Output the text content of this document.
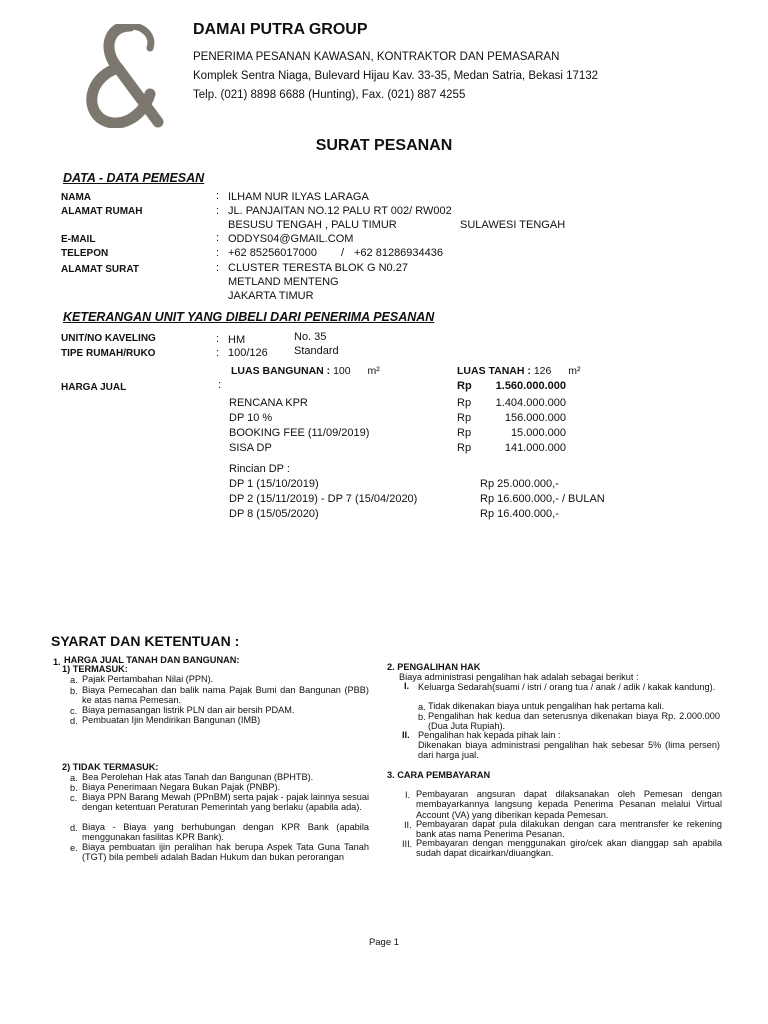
DAMAI PUTRA GROUP
PENERIMA PESANAN KAWASAN, KONTRAKTOR DAN PEMASARAN
Komplek Sentra Niaga, Bulevard Hijau Kav. 33-35, Medan Satria, Bekasi 17132
Telp. (021) 8898 6688 (Hunting), Fax. (021) 887 4255
SURAT PESANAN
DATA - DATA PEMESAN
NAMA	: ILHAM NUR ILYAS LARAGA
ALAMAT RUMAH	: JL. PANJAITAN NO.12 PALU RT 002/ RW002
BESUSU TENGAH , PALU TIMUR	SULAWESI TENGAH
E-MAIL	: ODDYS04@GMAIL.COM
TELEPON	: +62 85256017000 / +62 81286934436
ALAMAT SURAT	: CLUSTER TERESTA BLOK G N0.27
METLAND MENTENG
JAKARTA TIMUR
KETERANGAN UNIT YANG DIBELI DARI PENERIMA PESANAN
UNIT/NO KAVELING	: HM	No. 35
TIPE RUMAH/RUKO	: 100/126 Standard
LUAS BANGUNAN : 100 m²	LUAS TANAH : 126 m²
HARGA JUAL	:	Rp	1.560.000.000
RENCANA KPR	Rp	1.404.000.000
DP 10 %	Rp	156.000.000
BOOKING FEE (11/09/2019)	Rp	15.000.000
SISA DP	Rp	141.000.000
Rincian DP :
DP 1 (15/10/2019)	Rp 25.000.000,-
DP 2 (15/11/2019) - DP 7 (15/04/2020)	Rp 16.600.000,- / BULAN
DP 8 (15/05/2020)	Rp 16.400.000,-
SYARAT DAN KETENTUAN :
1. HARGA JUAL TANAH DAN BANGUNAN:
1) TERMASUK:
a. Pajak Pertambahan Nilai (PPN).
b. Biaya Pemecahan dan balik nama Pajak Bumi dan Bangunan (PBB) ke atas nama Pemesan.
c. Biaya pemasangan listrik PLN dan air bersih PDAM.
d. Pembuatan Ijin Mendirikan Bangunan (IMB)
2) TIDAK TERMASUK:
a. Bea Perolehan Hak atas Tanah dan Bangunan (BPHTB).
b. Biaya Penerimaan Negara Bukan Pajak (PNBP).
c. Biaya PPN Barang Mewah (PPnBM) serta pajak - pajak lainnya sesuai dengan ketentuan Peraturan Pemerintah yang berlaku (apabila ada).
d. Biaya - Biaya yang berhubungan dengan KPR Bank (apabila menggunakan fasilitas KPR Bank).
e. Biaya pembuatan ijin peralihan hak berupa Aspek Tata Guna Tanah (TGT) bila pembeli adalah Badan Hukum dan bukan perorangan
2. PENGALIHAN HAK
Biaya administrasi pengalihan hak adalah sebagai berikut :
I. Keluarga Sedarah(suami / istri / orang tua / anak / adik / kakak kandung).
a. Tidak dikenakan biaya untuk pengalihan hak pertama kali.
b. Pengalihan hak kedua dan seterusnya dikenakan biaya Rp. 2.000.000 (Dua Juta Rupiah).
II. Pengalihan hak kepada pihak lain :
Dikenakan biaya administrasi pengalihan hak sebesar 5% (lima persen) dari harga jual.
3. CARA PEMBAYARAN
I. Pembayaran angsuran dapat dilaksanakan oleh Pemesan dengan membayarkannya langsung kepada Penerima Pesanan melalui Virtual Account (VA) yang diberikan kepada Pemesan.
II. Pembayaran dapat pula dilakukan dengan cara mentransfer ke rekening bank atas nama Penerima Pesanan.
III. Pembayaran dengan menggunakan giro/cek akan dianggap sah apabila sudah dapat dicairkan/diuangkan.
Page 1
